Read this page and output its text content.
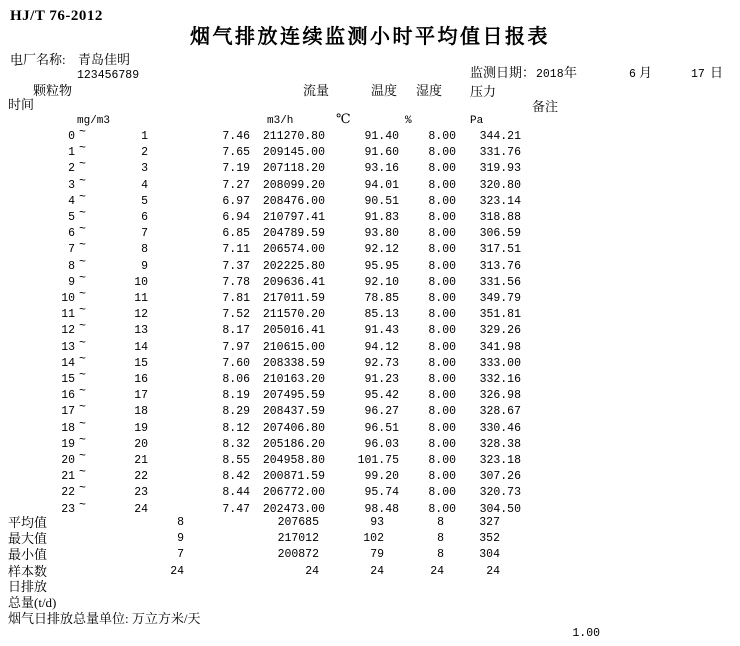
HJ/T 76-2012
烟气排放连续监测小时平均值日报表
电厂名称: 青岛佳明
`	123456789	监测日期： 2018 年	6 月	17 日
颗粒物	流量	温度 湿度 压力
时间	备注
mg/m3	m3/h	℃	%	Pa
0 ~	1	7.46	211270.80	91.40	8.00	344.21
1 ~	2	7.65	209145.00	91.60	8.00	331.76
2 ~	3	7.19	207118.20	93.16	8.00	319.93
3 ~	4	7.27	208099.20	94.01	8.00	320.80
4 ~	5	6.97	208476.00	90.51	8.00	323.14
5 ~	6	6.94	210797.41	91.83	8.00	318.88
6 ~	7	6.85	204789.59	93.80	8.00	306.59
7 ~	8	7.11	206574.00	92.12	8.00	317.51
8 ~	9	7.37	202225.80	95.95	8.00	313.76
9 ~	10	7.78	209636.41	92.10	8.00	331.56
10 ~	11	7.81	217011.59	78.85	8.00	349.79
11 ~	12	7.52	211570.20	85.13	8.00	351.81
12 ~	13	8.17	205016.41	91.43	8.00	329.26
13 ~	14	7.97	210615.00	94.12	8.00	341.98
14 ~	15	7.60	208338.59	92.73	8.00	333.00
15 ~	16	8.06	210163.20	91.23	8.00	332.16
16 ~	17	8.19	207495.59	95.42	8.00	326.98
17 ~	18	8.29	208437.59	96.27	8.00	328.67
18 ~	19	8.12	207406.80	96.51	8.00	330.46
19 ~	20	8.32	205186.20	96.03	8.00	328.38
20 ~	21	8.55	204958.80	101.75	8.00	323.18
21 ~	22	8.42	200871.59	99.20	8.00	307.26
22 ~	23	8.44	206772.00	95.74	8.00	320.73
23 ~	24	7.47	202473.00	98.48	8.00	304.50
平均值	8	207685	93	8	327
最大值	9	217012	102	8	352
最小值	7	200872	79	8	304
样本数	24	24	24	24	24
日排放
总量(t/d)
烟气日排放总量单位: 万立方米/天
1.00
